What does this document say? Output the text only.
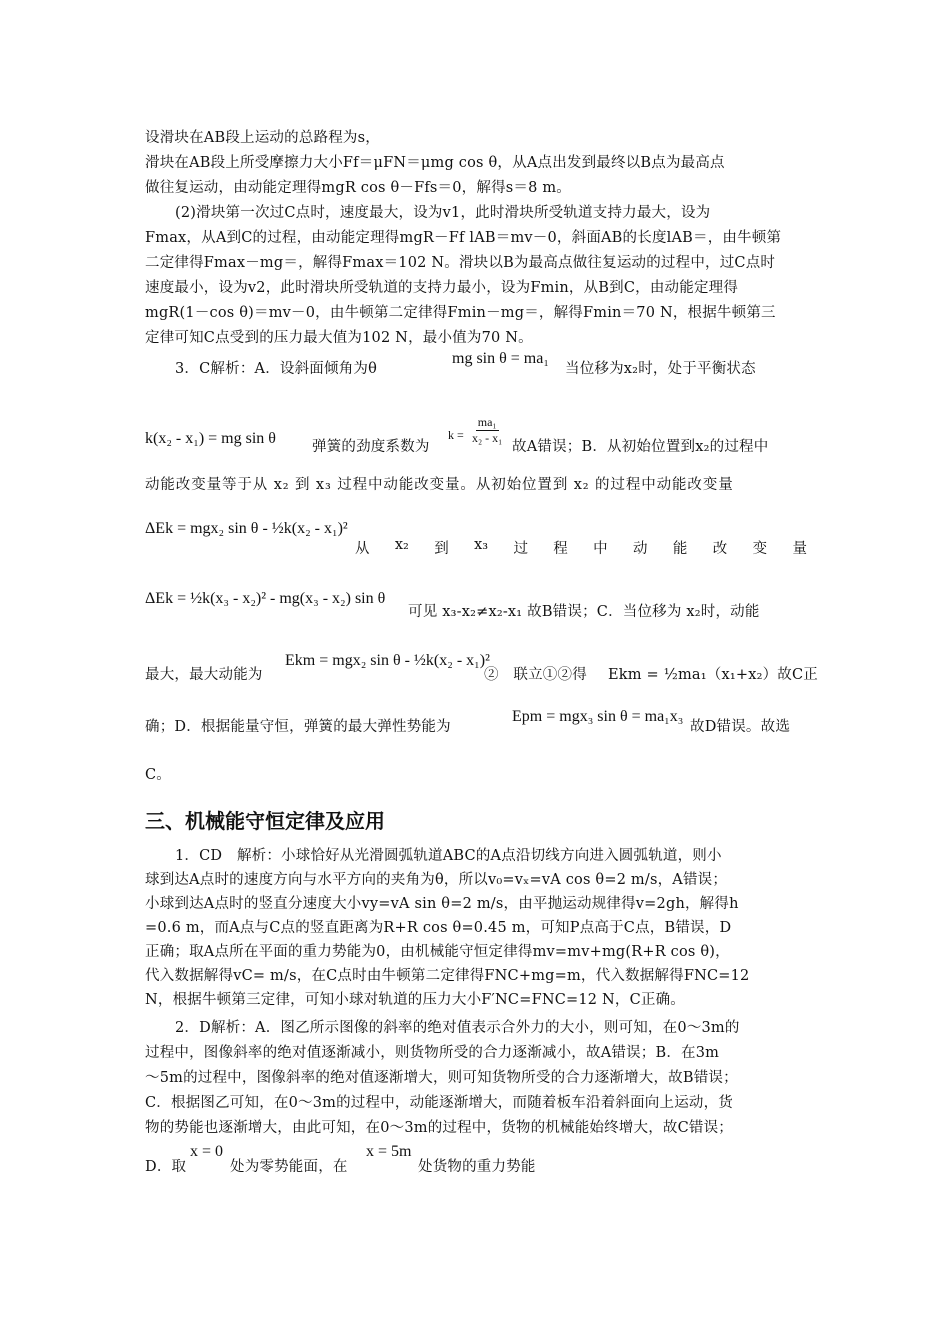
设滑块在AB段上运动的总路程为s，
滑块在AB段上所受摩擦力大小Ff＝μFN＝μmg cos θ，从A点出发到最终以B点为最高点
做往复运动，由动能定理得mgR cos θ－Ffs＝0，解得s＝8 m。
(2)滑块第一次过C点时，速度最大，设为v1，此时滑块所受轨道支持力最大，设为
Fmax，从A到C的过程，由动能定理得mgR－Ff lAB＝mv－0，斜面AB的长度lAB＝，由牛顿第
二定律得Fmax－mg＝，解得Fmax＝102 N。滑块以B为最高点做往复运动的过程中，过C点时
速度最小，设为v2，此时滑块所受轨道的支持力最小，设为Fmin，从B到C，由动能定理得
mgR(1－cos θ)＝mv－0，由牛顿第二定律得Fmin－mg＝，解得Fmin＝70 N，根据牛顿第三
定律可知C点受到的压力最大值为102 N，最小值为70 N。
3．C解析：A．设斜面倾角为θ
mg sin θ = ma₁
当位移为x₂时，处于平衡状态
k(x₂ - x₁) = mg sin θ 弹簧的劲度系数为
$k = \frac{\text{ma₁}}{\text{x₂ - x₁}}$
故A错误；B．从初始位置到x₂的过程中
动能改变量等于从 x₂ 到 x₃ 过程中动能改变量。从初始位置到 x₂ 的过程中动能改变量
ΔEk = mgx₂ sin θ - ½k(x₂ - x₁)²
从 x₂ 到 x₃ 过 程 中 动 能 改 变 量
ΔEk = ½k(x₃ - x₂)² - mg(x₃ - x₂) sin θ
可见 x₃-x₂≠x₂-x₁ 故B错误；C．当位移为 x₂时，动能
最大，最大动能为
Ekm = mgx₂ sin θ - ½k(x₂ - x₁)²
②　联立①②得 Ekm = ½ma₁（x₁+x₂）故C正
确；D．根据能量守恒，弹簧的最大弹性势能为
Epm = mgx₃ sin θ = ma₁x₃
故D错误。故选
C。
三、机械能守恒定律及应用
1．CD　解析：小球恰好从光滑圆弧轨道ABC的A点沿切线方向进入圆弧轨道，则小
球到达A点时的速度方向与水平方向的夹角为θ，所以v₀=vₓ=vA cos θ=2 m/s，A错误；
小球到达A点时的竖直分速度大小vy=vA sin θ=2 m/s，由平抛运动规律得v=2gh，解得h
=0.6 m，而A点与C点的竖直距离为R+R cos θ=0.45 m，可知P点高于C点，B错误，D
正确；取A点所在平面的重力势能为0，由机械能守恒定律得mv=mv+mg(R+R cos θ)，
代入数据解得vC= m/s，在C点时由牛顿第二定律得FNC+mg=m，代入数据解得FNC=12
N，根据牛顿第三定律，可知小球对轨道的压力大小F′NC=FNC=12 N，C正确。
2．D解析：A．图乙所示图像的斜率的绝对值表示合外力的大小，则可知，在0～3m的
过程中，图像斜率的绝对值逐渐减小，则货物所受的合力逐渐减小，故A错误；B．在3m
～5m的过程中，图像斜率的绝对值逐渐增大，则可知货物所受的合力逐渐增大，故B错误；
C．根据图乙可知，在0～3m的过程中，动能逐渐增大，而随着板车沿着斜面向上运动，货
物的势能也逐渐增大，由此可知，在0～3m的过程中，货物的机械能始终增大，故C错误；
D．取
x = 0
处为零势能面，在
x = 5m
处货物的重力势能
